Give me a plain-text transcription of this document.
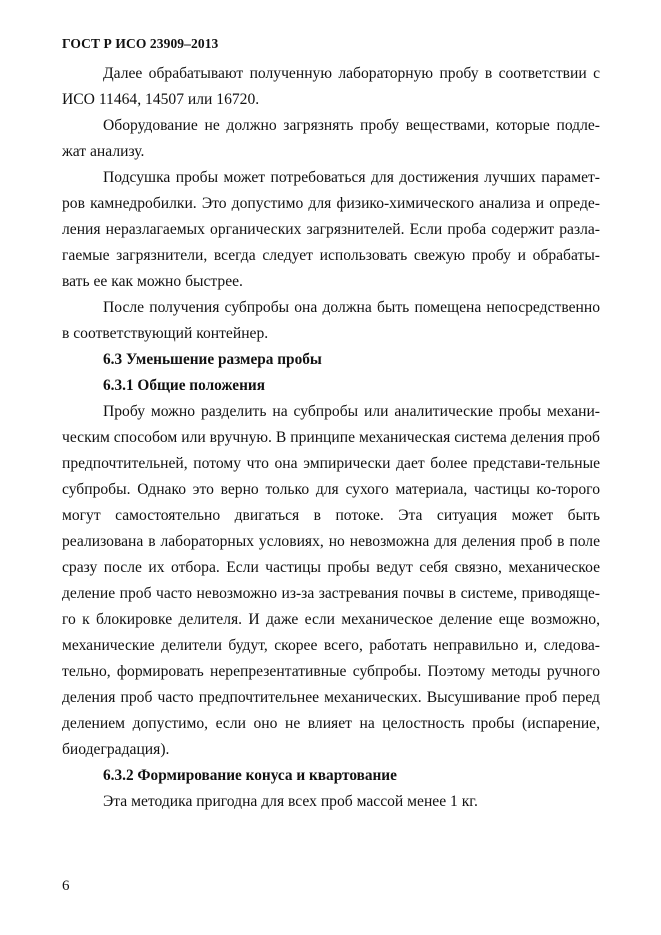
ГОСТ Р ИСО 23909–2013

Далее обрабатывают полученную лабораторную пробу в соответствии с ИСО 11464, 14507 или 16720.

Оборудование не должно загрязнять пробу веществами, которые подле-жат анализу.

Подсушка пробы может потребоваться для достижения лучших парамет-ров камнедробилки. Это допустимо для физико-химического анализа и опреде-ления неразлагаемых органических загрязнителей. Если проба содержит разла-гаемые загрязнители, всегда следует использовать свежую пробу и обрабаты-вать ее как можно быстрее.

После получения субпробы она должна быть помещена непосредственно в соответствующий контейнер.

6.3 Уменьшение размера пробы

6.3.1 Общие положения

Пробу можно разделить на субпробы или аналитические пробы механи-ческим способом или вручную. В принципе механическая система деления проб предпочтительней, потому что она эмпирически дает более представи-тельные субпробы. Однако это верно только для сухого материала, частицы ко-торого могут самостоятельно двигаться в потоке. Эта ситуация может быть реализована в лабораторных условиях, но невозможна для деления проб в поле сразу после их отбора. Если частицы пробы ведут себя связно, механическое деление проб часто невозможно из-за застревания почвы в системе, приводяще-го к блокировке делителя. И даже если механическое деление еще возможно, механические делители будут, скорее всего, работать неправильно и, следова-тельно, формировать нерепрезентативные субпробы. Поэтому методы ручного деления проб часто предпочтительнее механических. Высушивание проб перед делением допустимо, если оно не влияет на целостность пробы (испарение, биодеградация).

6.3.2 Формирование конуса и квартование

Эта методика пригодна для всех проб массой менее 1 кг.

6
